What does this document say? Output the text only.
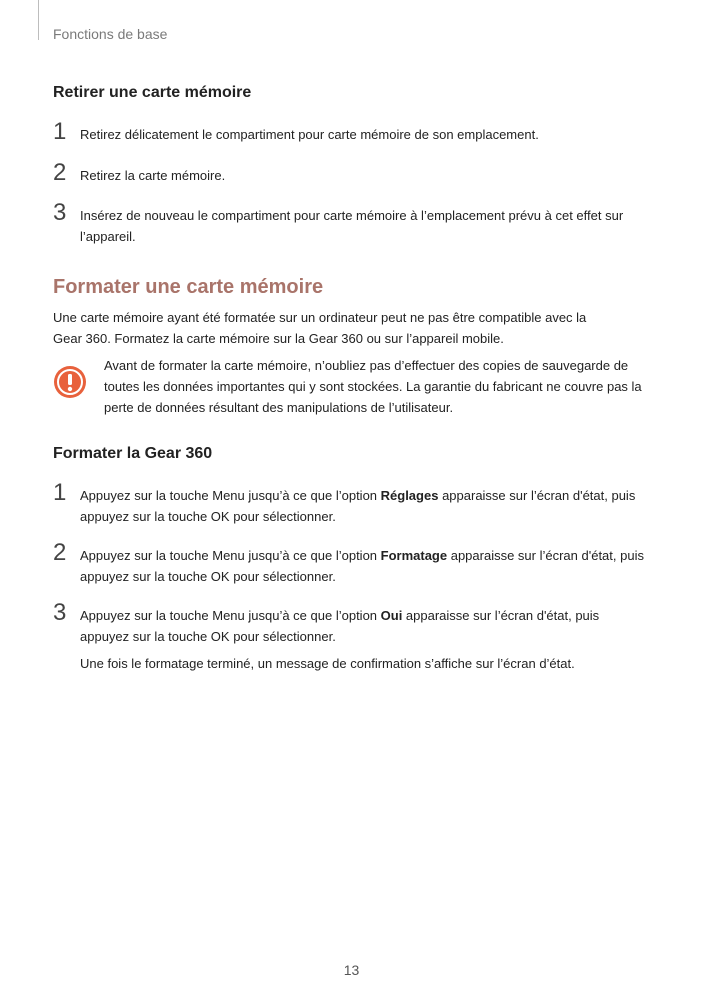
Fonctions de base
Retirer une carte mémoire
1	Retirez délicatement le compartiment pour carte mémoire de son emplacement.
2	Retirez la carte mémoire.
3	Insérez de nouveau le compartiment pour carte mémoire à l’emplacement prévu à cet effet sur l’appareil.
Formater une carte mémoire
Une carte mémoire ayant été formatée sur un ordinateur peut ne pas être compatible avec la Gear 360. Formatez la carte mémoire sur la Gear 360 ou sur l’appareil mobile.
Avant de formater la carte mémoire, n’oubliez pas d’effectuer des copies de sauvegarde de toutes les données importantes qui y sont stockées. La garantie du fabricant ne couvre pas la perte de données résultant des manipulations de l’utilisateur.
Formater la Gear 360
1	Appuyez sur la touche Menu jusqu’à ce que l’option Réglages apparaisse sur l’écran d'état, puis appuyez sur la touche OK pour sélectionner.
2	Appuyez sur la touche Menu jusqu’à ce que l’option Formatage apparaisse sur l’écran d'état, puis appuyez sur la touche OK pour sélectionner.
3	Appuyez sur la touche Menu jusqu’à ce que l’option Oui apparaisse sur l’écran d'état, puis appuyez sur la touche OK pour sélectionner.
Une fois le formatage terminé, un message de confirmation s’affiche sur l’écran d’état.
13
